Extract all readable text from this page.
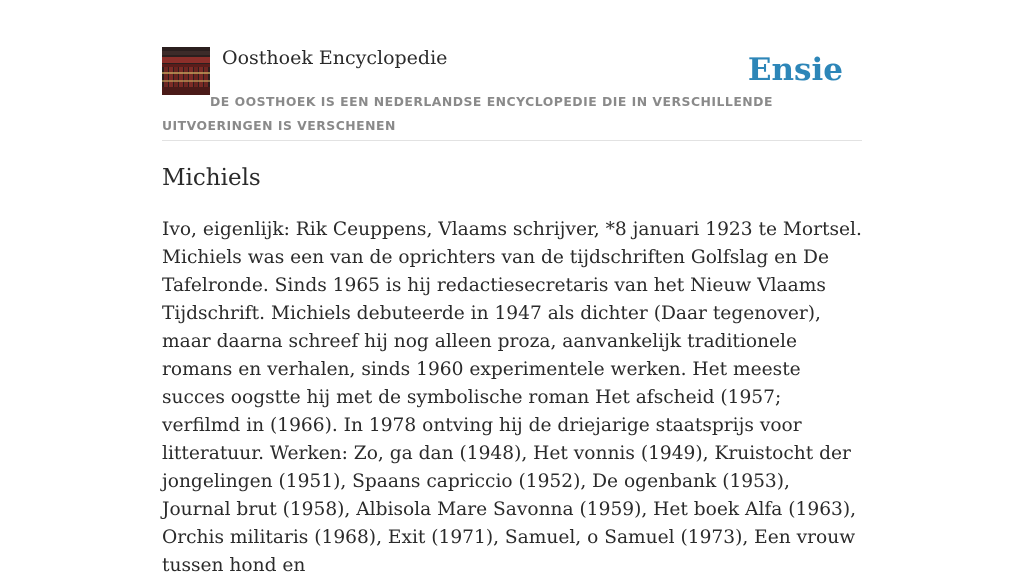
Oosthoek Encyclopedie	Ensie
DE OOSTHOEK IS EEN NEDERLANDSE ENCYCLOPEDIE DIE IN VERSCHILLENDE UITVOERINGEN IS VERSCHENEN
Michiels

Ivo, eigenlijk: Rik Ceuppens, Vlaams schrijver, *8 januari 1923 te Mortsel. Michiels was een van de oprichters van de tijdschriften Golfslag en De Tafelronde. Sinds 1965 is hij redactiesecretaris van het Nieuw Vlaams Tijdschrift. Michiels debuteerde in 1947 als dichter (Daar tegenover), maar daarna schreef hij nog alleen proza, aanvankelijk traditionele romans en verhalen, sinds 1960 experimentele werken. Het meeste succes oogstte hij met de symbolische roman Het afscheid (1957; verfilmd in (1966). In 1978 ontving hij de driejarige staatsprijs voor litteratuur. Werken: Zo, ga dan (1948), Het vonnis (1949), Kruistocht der jongelingen (1951), Spaans capriccio (1952), De ogenbank (1953), Journal brut (1958), Albisola Mare Savonna (1959), Het boek Alfa (1963), Orchis militaris (1968), Exit (1971), Samuel, o Samuel (1973), Een vrouw tussen hond en
